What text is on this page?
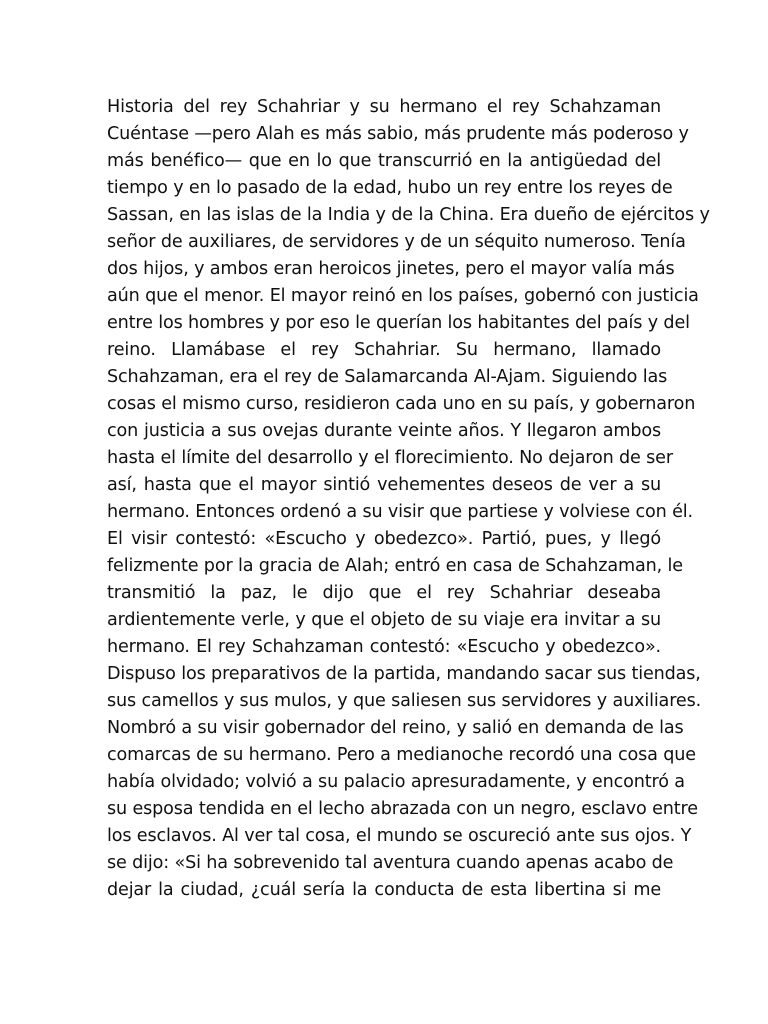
Historia del rey Schahriar y su hermano el rey Schahzaman
Cuéntase —pero Alah es más sabio, más prudente más poderoso y
más benéfico— que en lo que transcurrió en la antigüedad del
tiempo y en lo pasado de la edad, hubo un rey entre los reyes de
Sassan, en las islas de la India y de la China. Era dueño de ejércitos y
señor de auxiliares, de servidores y de un séquito numeroso. Tenía
dos hijos, y ambos eran heroicos jinetes, pero el mayor valía más
aún que el menor. El mayor reinó en los países, gobernó con justicia
entre los hombres y por eso le querían los habitantes del país y del
reino. Llamábase el rey Schahriar. Su hermano, llamado
Schahzaman, era el rey de Salamarcanda Al-Ajam. Siguiendo las
cosas el mismo curso, residieron cada uno en su país, y gobernaron
con justicia a sus ovejas durante veinte años. Y llegaron ambos
hasta el límite del desarrollo y el florecimiento. No dejaron de ser
así, hasta que el mayor sintió vehementes deseos de ver a su
hermano. Entonces ordenó a su visir que partiese y volviese con él.
El visir contestó: «Escucho y obedezco». Partió, pues, y llegó
felizmente por la gracia de Alah; entró en casa de Schahzaman, le
transmitió la paz, le dijo que el rey Schahriar deseaba
ardientemente verle, y que el objeto de su viaje era invitar a su
hermano. El rey Schahzaman contestó: «Escucho y obedezco».
Dispuso los preparativos de la partida, mandando sacar sus tiendas,
sus camellos y sus mulos, y que saliesen sus servidores y auxiliares.
Nombró a su visir gobernador del reino, y salió en demanda de las
comarcas de su hermano. Pero a medianoche recordó una cosa que
había olvidado; volvió a su palacio apresuradamente, y encontró a
su esposa tendida en el lecho abrazada con un negro, esclavo entre
los esclavos. Al ver tal cosa, el mundo se oscureció ante sus ojos. Y
se dijo: «Si ha sobrevenido tal aventura cuando apenas acabo de
dejar la ciudad, ¿cuál sería la conducta de esta libertina si me
